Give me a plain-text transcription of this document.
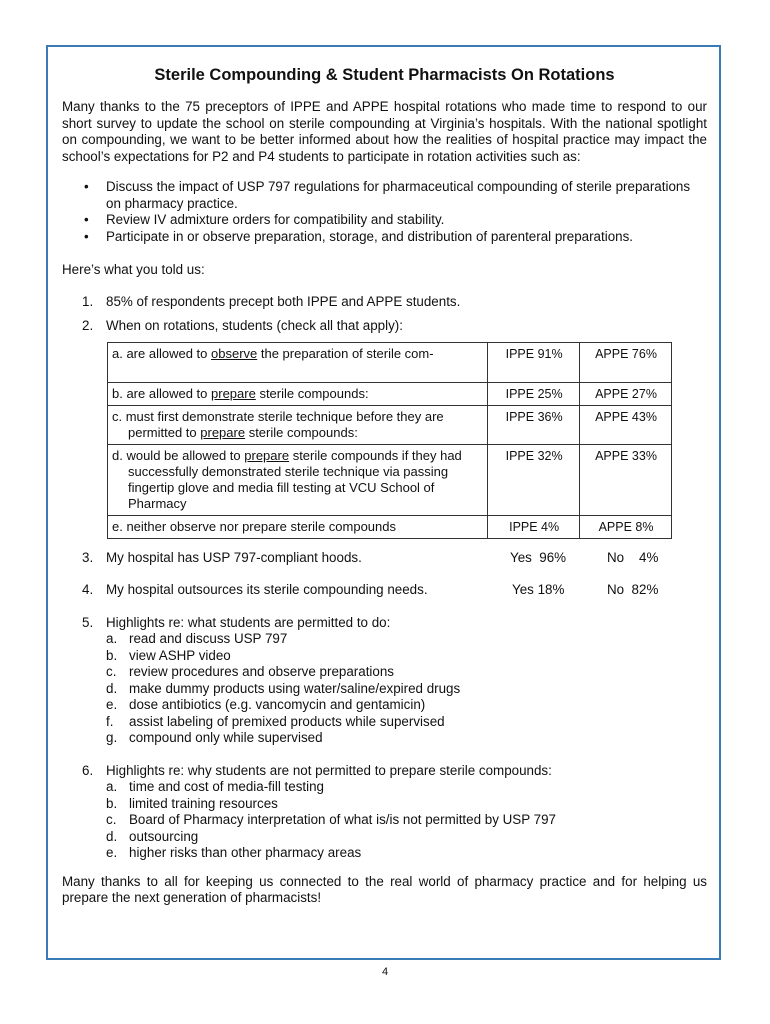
Sterile Compounding & Student Pharmacists On Rotations

Many thanks to the 75 preceptors of IPPE and APPE hospital rotations who made time to respond to our short survey to update the school on sterile compounding at Virginia’s hospitals. With the national spotlight on compounding, we want to be better informed about how the realities of hospital practice may impact the school’s expectations for P2 and P4 students to participate in rotation activities such as:

• Discuss the impact of USP 797 regulations for pharmaceutical compounding of sterile preparations on pharmacy practice.
• Review IV admixture orders for compatibility and stability.
• Participate in or observe preparation, storage, and distribution of parenteral preparations.

Here’s what you told us:

1. 85% of respondents precept both IPPE and APPE students.
2. When on rotations, students (check all that apply):
a. are allowed to observe the preparation of sterile com-	IPPE 91%	APPE 76%
b. are allowed to prepare sterile compounds:	IPPE 25%	APPE 27%

c. must first demonstrate sterile technique before they are
permitted to prepare sterile compounds:	IPPE 36%	APPE 43%

d. would be allowed to prepare sterile compounds if they had
successfully demonstrated sterile technique via passing
fingertip glove and media fill testing at VCU School of
Pharmacy	IPPE 32%	APPE 33%
e. neither observe nor prepare sterile compounds	IPPE 4%	APPE 8%
3. My hospital has USP 797-compliant hoods.	Yes  96%	No    4%
4. My hospital outsources its sterile compounding needs.	Yes 18%	No  82%
5. Highlights re: what students are permitted to do:
a. read and discuss USP 797
b. view ASHP video
c. review procedures and observe preparations
d. make dummy products using water/saline/expired drugs
e. dose antibiotics (e.g. vancomycin and gentamicin)
f. assist labeling of premixed products while supervised
g. compound only while supervised
6. Highlights re: why students are not permitted to prepare sterile compounds:
a. time and cost of media-fill testing
b. limited training resources
c. Board of Pharmacy interpretation of what is/is not permitted by USP 797
d. outsourcing
e. higher risks than other pharmacy areas

Many thanks to all for keeping us connected to the real world of pharmacy practice and for helping us prepare the next generation of pharmacists!

4
